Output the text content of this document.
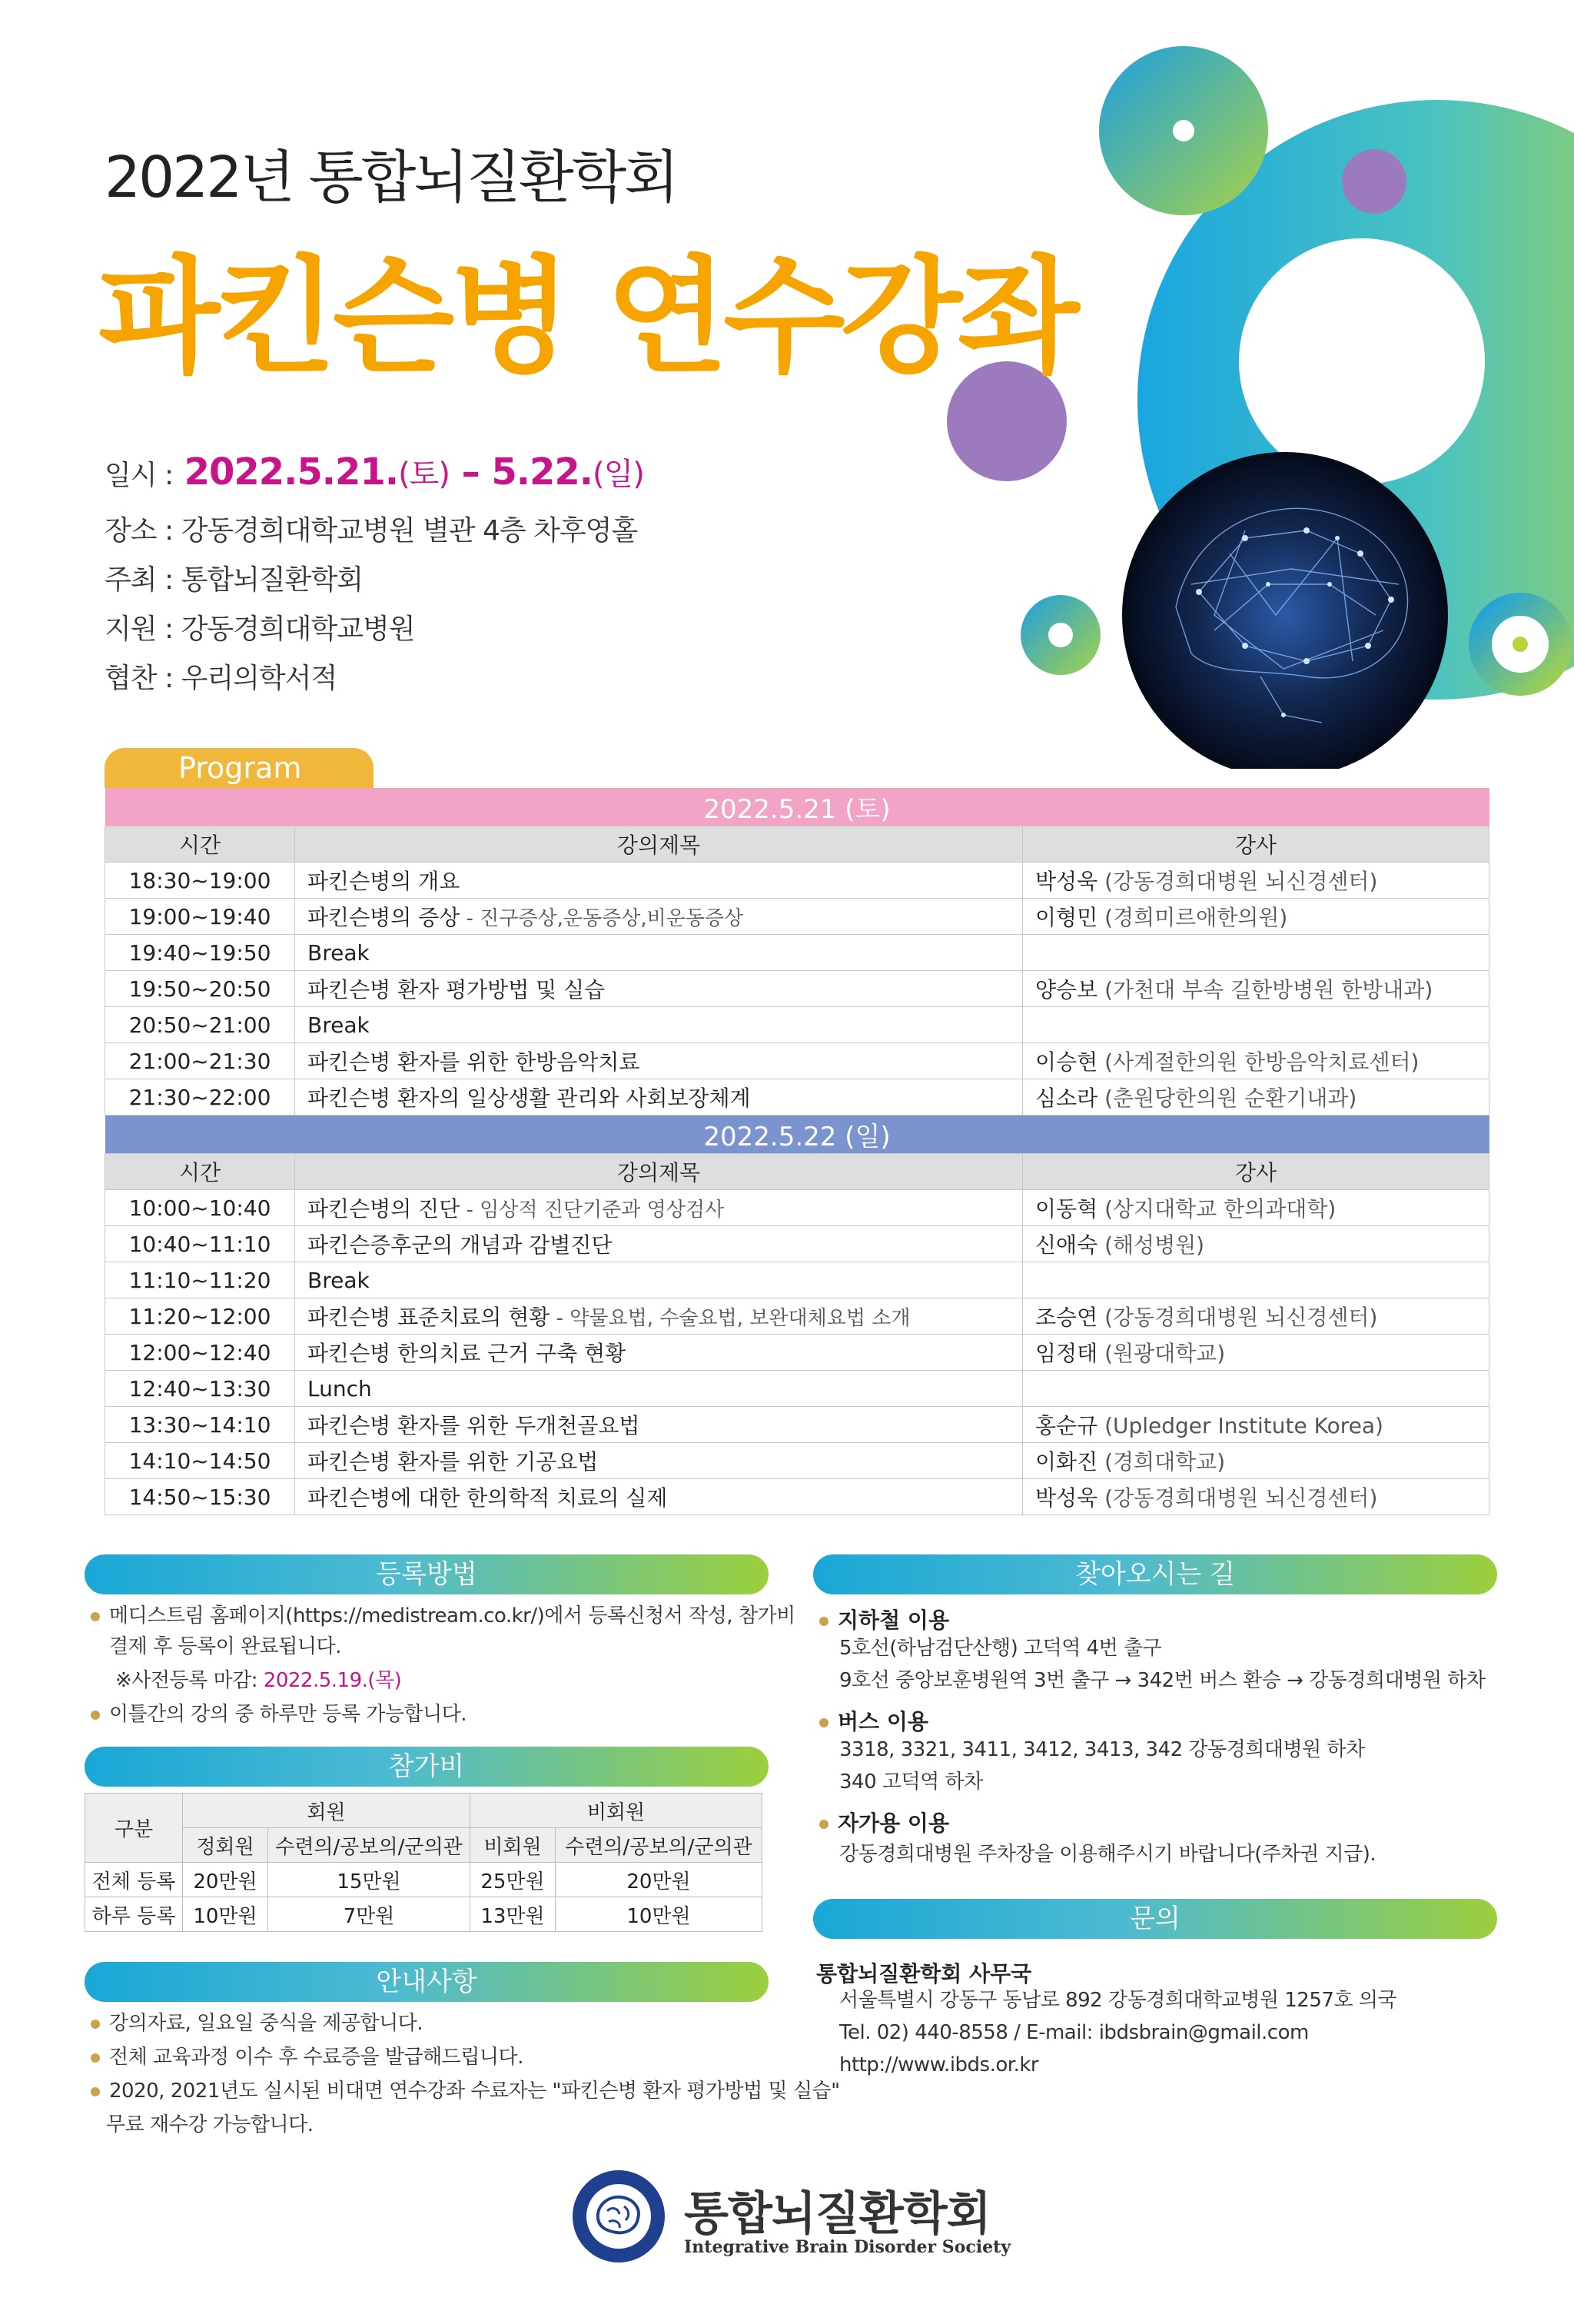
2022년 통합뇌질환학회
파킨슨병 연수강좌
일시 : 2022.5.21.(토) – 5.22.(일)
장소 : 강동경희대학교병원 별관 4층 차후영홀
주최 : 통합뇌질환학회
지원 : 강동경희대학교병원
협찬 : 우리의학서적
Program
2022.5.21 (토)		
시간	강의제목	강사
18:30~19:00	파킨슨병의 개요	박성욱 (강동경희대병원 뇌신경센터)
19:00~19:40	파킨슨병의 증상 - 진구증상,운동증상,비운동증상	이형민 (경희미르애한의원)
19:40~19:50	Break	
19:50~20:50	파킨슨병 환자 평가방법 및 실습	양승보 (가천대 부속 길한방병원 한방내과)
20:50~21:00	Break	
21:00~21:30	파킨슨병 환자를 위한 한방음악치료	이승현 (사계절한의원 한방음악치료센터)
21:30~22:00	파킨슨병 환자의 일상생활 관리와 사회보장체계	심소라 (춘원당한의원 순환기내과)
2022.5.22 (일)		
시간	강의제목	강사
10:00~10:40	파킨슨병의 진단 - 임상적 진단기준과 영상검사	이동혁 (상지대학교 한의과대학)
10:40~11:10	파킨슨증후군의 개념과 감별진단	신애숙 (해성병원)
11:10~11:20	Break	
11:20~12:00	파킨슨병 표준치료의 현황 - 약물요법, 수술요법, 보완대체요법 소개	조승연 (강동경희대병원 뇌신경센터)
12:00~12:40	파킨슨병 한의치료 근거 구축 현황	임정태 (원광대학교)
12:40~13:30	Lunch	
13:30~14:10	파킨슨병 환자를 위한 두개천골요법	홍순규 (Upledger Institute Korea)
14:10~14:50	파킨슨병 환자를 위한 기공요법	이화진 (경희대학교)
14:50~15:30	파킨슨병에 대한 한의학적 치료의 실제	박성욱 (강동경희대병원 뇌신경센터)
등록방법
메디스트림 홈페이지(https://medistream.co.kr/)에서 등록신청서 작성, 참가비
결제 후 등록이 완료됩니다.
※사전등록 마감: 2022.5.19.(목)
이틀간의 강의 중 하루만 등록 가능합니다.
참가비
구분	회원		비회원	
	정회원	수련의/공보의/군의관	비회원	수련의/공보의/군의관
전체 등록	20만원	15만원	25만원	20만원
하루 등록	10만원	7만원	13만원	10만원
안내사항
강의자료, 일요일 중식을 제공합니다.
전체 교육과정 이수 후 수료증을 발급해드립니다.
2020, 2021년도 실시된 비대면 연수강좌 수료자는 "파킨슨병 환자 평가방법 및 실습"
무료 재수강 가능합니다.
찾아오시는 길
지하철 이용
5호선(하남검단산행) 고덕역 4번 출구
9호선 중앙보훈병원역 3번 출구 → 342번 버스 환승 → 강동경희대병원 하차
버스 이용
3318, 3321, 3411, 3412, 3413, 342 강동경희대병원 하차
340 고덕역 하차
자가용 이용
강동경희대병원 주차장을 이용해주시기 바랍니다(주차권 지급).
문의
통합뇌질환학회 사무국
서울특별시 강동구 동남로 892 강동경희대학교병원 1257호 의국
Tel. 02) 440-8558 / E-mail: ibdsbrain@gmail.com
http://www.ibds.or.kr
통합뇌질환학회
Integrative Brain Disorder Society
